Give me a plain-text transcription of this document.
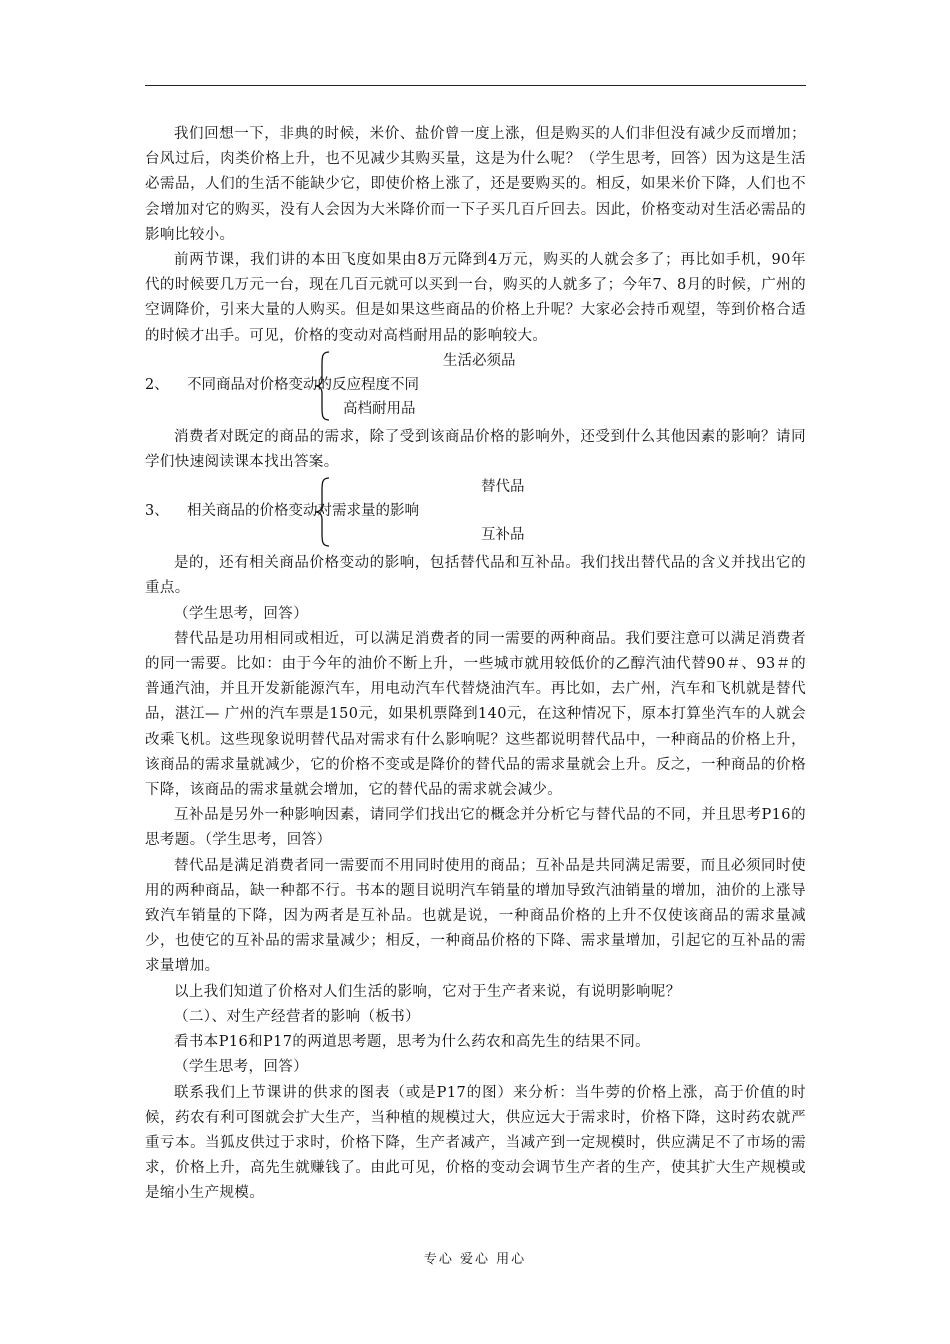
我们回想一下，非典的时候，米价、盐价曾一度上涨，但是购买的人们非但没有减少反而增加；台风过后，肉类价格上升，也不见减少其购买量，这是为什么呢？（学生思考，回答）因为这是生活必需品，人们的生活不能缺少它，即使价格上涨了，还是要购买的。相反，如果米价下降，人们也不会增加对它的购买，没有人会因为大米降价而一下子买几百斤回去。因此，价格变动对生活必需品的影响比较小。

前两节课，我们讲的本田飞度如果由8万元降到4万元，购买的人就会多了；再比如手机，90年代的时候要几万元一台，现在几百元就可以买到一台，购买的人就多了；今年7、8月的时候，广州的空调降价，引来大量的人购买。但是如果这些商品的价格上升呢？大家必会持币观望，等到价格合适的时候才出手。可见，价格的变动对高档耐用品的影响较大。

2、 不同商品对价格变动的反应程度不同
生活必须品
高档耐用品

消费者对既定的商品的需求，除了受到该商品价格的影响外，还受到什么其他因素的影响？请同学们快速阅读课本找出答案。

3、 相关商品的价格变动对需求量的影响
替代品
互补品

是的，还有相关商品价格变动的影响，包括替代品和互补品。我们找出替代品的含义并找出它的重点。

（学生思考，回答）

替代品是功用相同或相近，可以满足消费者的同一需要的两种商品。我们要注意可以满足消费者的同一需要。比如：由于今年的油价不断上升，一些城市就用较低价的乙醇汽油代替90＃、93＃的普通汽油，并且开发新能源汽车，用电动汽车代替烧油汽车。再比如，去广州，汽车和飞机就是替代品，湛江— 广州的汽车票是150元，如果机票降到140元，在这种情况下，原本打算坐汽车的人就会改乘飞机。这些现象说明替代品对需求有什么影响呢？这些都说明替代品中，一种商品的价格上升，该商品的需求量就减少，它的价格不变或是降价的替代品的需求量就会上升。反之，一种商品的价格下降，该商品的需求量就会增加，它的替代品的需求就会减少。

互补品是另外一种影响因素，请同学们找出它的概念并分析它与替代品的不同，并且思考P16的思考题。（学生思考，回答）

替代品是满足消费者同一需要而不用同时使用的商品；互补品是共同满足需要，而且必须同时使用的两种商品，缺一种都不行。书本的题目说明汽车销量的增加导致汽油销量的增加，油价的上涨导致汽车销量的下降，因为两者是互补品。也就是说，一种商品价格的上升不仅使该商品的需求量减少，也使它的互补品的需求量减少；相反，一种商品价格的下降、需求量增加，引起它的互补品的需求量增加。

以上我们知道了价格对人们生活的影响，它对于生产者来说，有说明影响呢？

（二）、对生产经营者的影响（板书）

看书本P16和P17的两道思考题，思考为什么药农和高先生的结果不同。

（学生思考，回答）

联系我们上节课讲的供求的图表（或是P17的图）来分析：当牛蒡的价格上涨，高于价值的时候，药农有利可图就会扩大生产，当种植的规模过大，供应远大于需求时，价格下降，这时药农就严重亏本。当狐皮供过于求时，价格下降，生产者减产，当减产到一定规模时，供应满足不了市场的需求，价格上升，高先生就赚钱了。由此可见，价格的变动会调节生产者的生产，使其扩大生产规模或是缩小生产规模。

专心 爱心 用心
